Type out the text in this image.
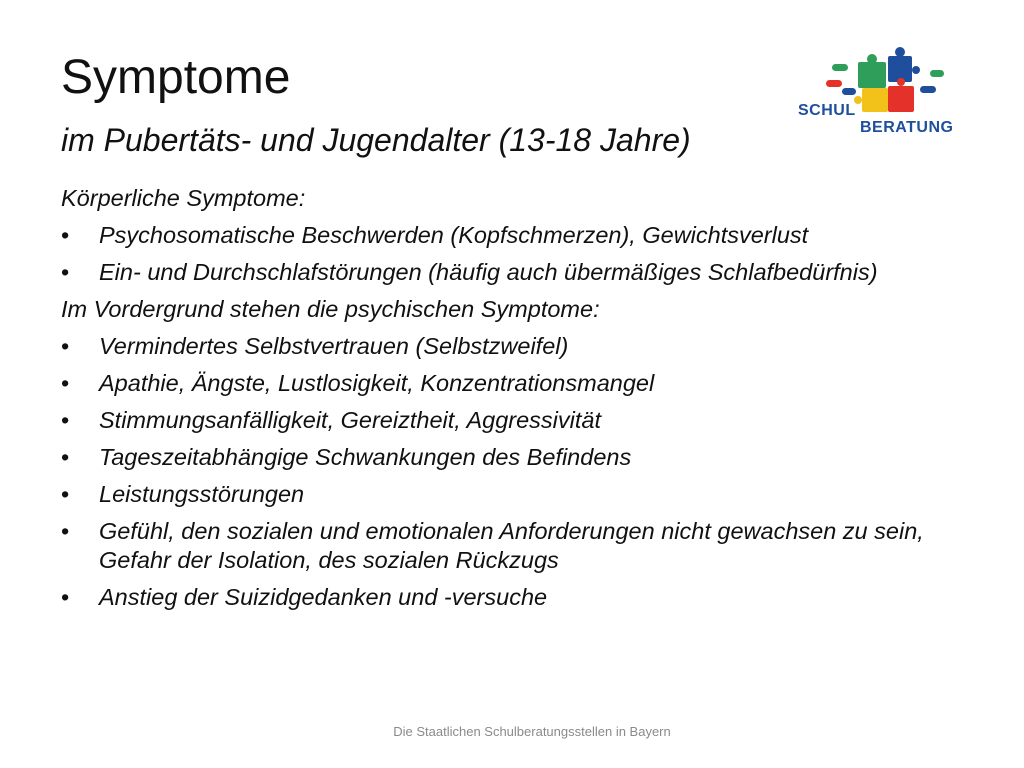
Symptome
im Pubertäts- und Jugendalter (13-18 Jahre)
SCHUL
BERATUNG

Körperliche Symptome:

• Psychosomatische Beschwerden (Kopfschmerzen), Gewichtsverlust
• Ein- und Durchschlafstörungen (häufig auch übermäßiges Schlafbedürfnis)

Im Vordergrund stehen die psychischen Symptome:

• Vermindertes Selbstvertrauen (Selbstzweifel)
• Apathie, Ängste, Lustlosigkeit, Konzentrationsmangel
• Stimmungsanfälligkeit, Gereiztheit, Aggressivität
• Tageszeitabhängige Schwankungen des Befindens
• Leistungsstörungen
• Gefühl, den sozialen und emotionalen Anforderungen nicht gewachsen zu sein, Gefahr der Isolation, des sozialen Rückzugs
• Anstieg der Suizidgedanken und -versuche
Die Staatlichen Schulberatungsstellen in Bayern
